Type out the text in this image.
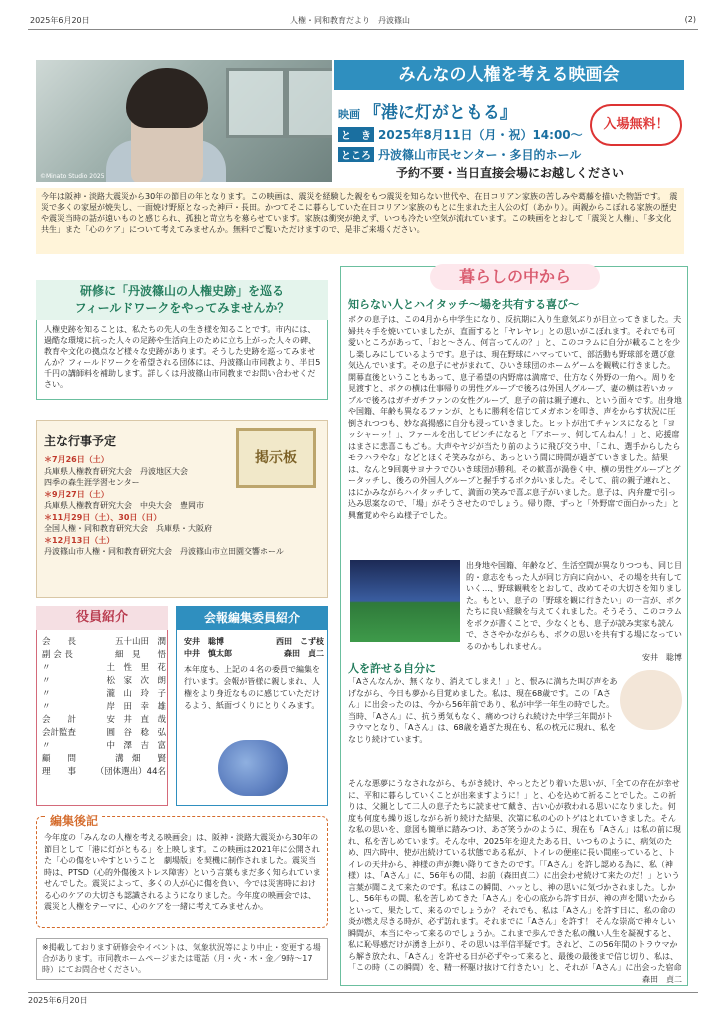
2025年6月20日	人権・同和教育だより　丹波篠山	(2)
©Minato Studio 2025
みんなの人権を考える映画会
映画 『港に灯がともる』
と　き 2025年8月11日（月・祝）14:00～
ところ 丹波篠山市民センター・多目的ホール
予約不要・当日直接会場にお越しください
入場無料！
今年は阪神・淡路大震災から30年の節目の年となります。この映画は、震災を経験した親をもつ震災を知らない世代や、在日コリアン家族の苦しみや葛藤を描いた物語です。　震災で多くの家屋が焼失し、一面焼け野原となった神戸・長田。かつてそこに暮らしていた在日コリアン家族のもとに生まれた主人公の灯（あかり）。両親からこぼれる家族の歴史や震災当時の話が遠いものと感じられ、孤独と苛立ちを募らせています。家族は衝突が絶えず、いつも冷たい空気が流れています。この映画をとおして「震災と人権」、「多文化共生」また「心のケア」について考えてみませんか。無料でご覧いただけますので、是非ご来場ください。
研修に「丹波篠山の人権史跡」を巡る
フィールドワークをやってみませんか？
人権史跡を知ることは、私たちの先人の生き様を知ることです。市内には、過酷な環境に抗った人々の足跡や生活向上のために立ち上がった人々の碑、教育や文化の拠点など様々な史跡があります。そうした史跡を巡ってみませんか？フィールドワークを希望される団体には、丹波篠山市同教より、半日5千円の講師料を補助します。詳しくは丹波篠山市同教までお問い合わせください。
主な行事予定
掲示板
＊7月26日（土）
兵庫県人権教育研究大会　丹波地区大会
四季の森生涯学習センター
＊9月27日（土）
兵庫県人権教育研究大会　中央大会　豊岡市
＊11月29日（土）、30日（日）
全国人権・同和教育研究大会　兵庫県・大阪府
＊12月13日（土）
丹波篠山市人権・同和教育研究大会　丹波篠山市立田園交響ホール
役員紹介
会　　長	五十山田　潤
副 会 長	細　見　　悟
〃	土　性　里　花
〃	松　家　次　朗
〃	瀧　山　玲　子
〃	岸　田　幸　雄
会　　計	安　井　直　哉
会計監査	圓　谷　稔　弘
〃	中　澤　吉　富
顧　　問	溝　畑　　賢
理　　事 （団体選出）44名
会報編集委員紹介
安井　聡博	西田　こず枝
中井　慎太郎	森田　貞二
本年度も、上記の４名の委員で編集を行います。会報が皆様に親しまれ、人権をより身近なものに感じていただけるよう、紙面づくりにとりくみます。
編集後記
今年度の「みんなの人権を考える映画会」は、阪神・淡路大震災から30年の節目として「港に灯がともる」を上映します。この映画は2021年に公開された「心の傷をいやすということ　劇場版」を契機に制作されました。震災当時は、PTSD（心的外傷後ストレス障害）という言葉もまだ多く知られていませんでした。震災によって、多くの人が心に傷を負い、今では災害時における心のケアの大切さも認識されるようになりました。今年度の映画会では、震災と人権をテーマに、心のケアを一緒に考えてみませんか。
※掲載しております研修会やイベントは、気象状況等により中止・変更する場合があります。市同教ホームページまたは電話（月・火・木・金／9時～17時）にてお問合せください。
暮らしの中から
知らない人とハイタッチ～場を共有する喜び～
ボクの息子は、この4月から中学生になり、反抗期に入り生意気ぶりが目立ってきました。夫婦共々手を焼いていましたが、直面すると「ヤレヤレ」との思いがこぼれます。それでも可愛いところがあって、「おと～さん、何言ってんの？」と、このコラムに自分が載ることを少し楽しみにしているようです。息子は、現在野球にハマっていて、部活動も野球部を選び意気込んでいます。その息子にせがまれて、ひいき球団のホームゲームを観戦に行きました。開幕直後ということもあって、息子希望の内野席は満席で、仕方なく外野の一角へ。周りを見渡すと、ボクの横は仕事帰りの男性グループで後ろは外国人グループ、妻の横は若いカップルで後ろはガチガチファンの女性グループ、息子の前は親子連れ、という面々です。出身地や国籍、年齢も異なるファンが、ともに勝利を信じてメガホンを叩き、声をからす状況に圧倒されつつも、妙な高揚感に自分も浸っていきました。ヒットが出てチャンスになると「ヨッシャーッ！」、ファールを出してピンチになると「アホーッ、何してんねん！」と、応援席はまさに悲喜こもごも。大声やヤジが当たり前のように飛び交う中、「これ、選手からしたらモラハラやな」などとほくそ笑みながら、あっという間に時間が過ぎていきました。結果は、なんと9回裏サヨナラでひいき球団が勝利。その歓喜が渦巻く中、横の男性グループとグータッチし、後ろの外国人グループと握手するボクがいました。そして、前の親子連れと、はにかみながらハイタッチして、満面の笑みで喜ぶ息子がいました。息子は、内弁慶で引っ込み思案なので、「場」がそうさせたのでしょう。帰り際、ずっと「外野席で面白かった」と興奮覚めやらぬ様子でした。
出身地や国籍、年齢など、生活空間が異なりつつも、同じ目的・意志をもった人が同じ方向に向かい、その場を共有していく…、野球観戦をとおして、改めてその大切さを知りました。もとい、息子の「野球を観に行きたい」の一言が、ボクたちに良い経験を与えてくれました。そうそう、このコラムをボクが書くことで、少なくとも、息子が読み実家も読んで、ささやかながらも、ボクの思いを共有する場になっているのかもしれません。
安井　聡博
人を許せる自分に
「Aさんなんか、無くなり、消えてしまえ！」と、恨みに満ちた叫び声をあげながら、今日も夢から目覚めました。私は、現在68歳です。この「Aさん」に出会ったのは、今から56年前であり、私が中学一年生の時でした。当時、「Aさん」に、抗う勇気もなく、痛めつけられ続けた中学三年間がトラウマとなり、「Aさん」は、68歳を過ぎた現在も、私の枕元に現れ、私をなじり続けています。
そんな悪夢にうなされながら、もがき続け、やっとたどり着いた思いが、「全ての存在が幸せに、平和に暮らしていくことが出来ますように！」と、心を込めて祈ることでした。この祈りは、父親として二人の息子たちに読ませて戴き、古い心が救われる思いになりました。何度も何度も繰り返しながら祈り続けた結果、次第に私の心のトゲはとれていきました。そんな私の思いを、意図も簡単に踏みつけ、あざ笑うかのように、現在も「Aさん」は私の前に現れ、私を苦しめています。そんな中、2025年を迎えたある日、いつものように、病気のため、四六時中、使が出続けている状態である私が、トイレの便座に長い間座っていると、トイレの天井から、神様の声が舞い降りてきたのです。「「Aさん」を許し認める為に、私（神様）は、「Aさん」に、56年もの間、お前（森田貞二）に出会わせ続けて来たのだ！」という言葉が聞こえて来たのです。私はこの瞬間、ハッとし、神の思いに気づかされました。しかし、56年もの間、私を苦しめてきた「Aさん」を心の底から許す日が、神の声を聞いたからといって、果たして、来るのでしょうか？ それでも、私は「Aさん」を許す日に、私の命の炎が燃え尽きる時が、必ず訪れます。それまでに「Aさん」を許す！ そんな崇高で神々しい瞬間が、本当にやって来るのでしょうか。これまで歩んできた私の醜い人生を凝視すると、私に恥辱感だけが湧き上がり、その思いは半信半疑です。されど、この56年間のトラウマから解き放たれ、「Aさん」を許せる日が必ずやって来ると、最後の最後まで信じ切り、私は、「この時（この瞬間）を、精一杯駆け抜けて行きたい」と、それが「Aさん」に出会った宿命
森田　貞二
2025年6月20日
